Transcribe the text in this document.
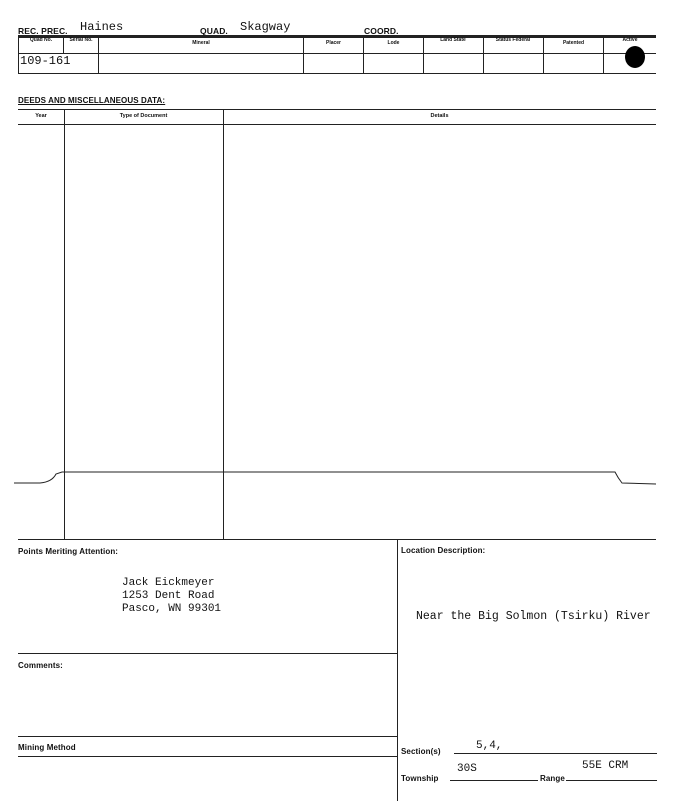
REC. PREC. Haines	QUAD. Skagway	COORD.
Quad No.	Serial No.	Mineral	Placer	Lode	Land State	Status Federal	Patented	Active
109-161
DEEDS AND MISCELLANEOUS DATA:
Year	Type of Document	Details
Points Meriting Attention:
Jack Eickmeyer
1253 Dent Road
Pasco, WN 99301
Comments:
Mining Method
Location Description:
Near the Big Solmon (Tsirku) River
Section(s)	5,4,
Township
30S
Range
55E CRM
